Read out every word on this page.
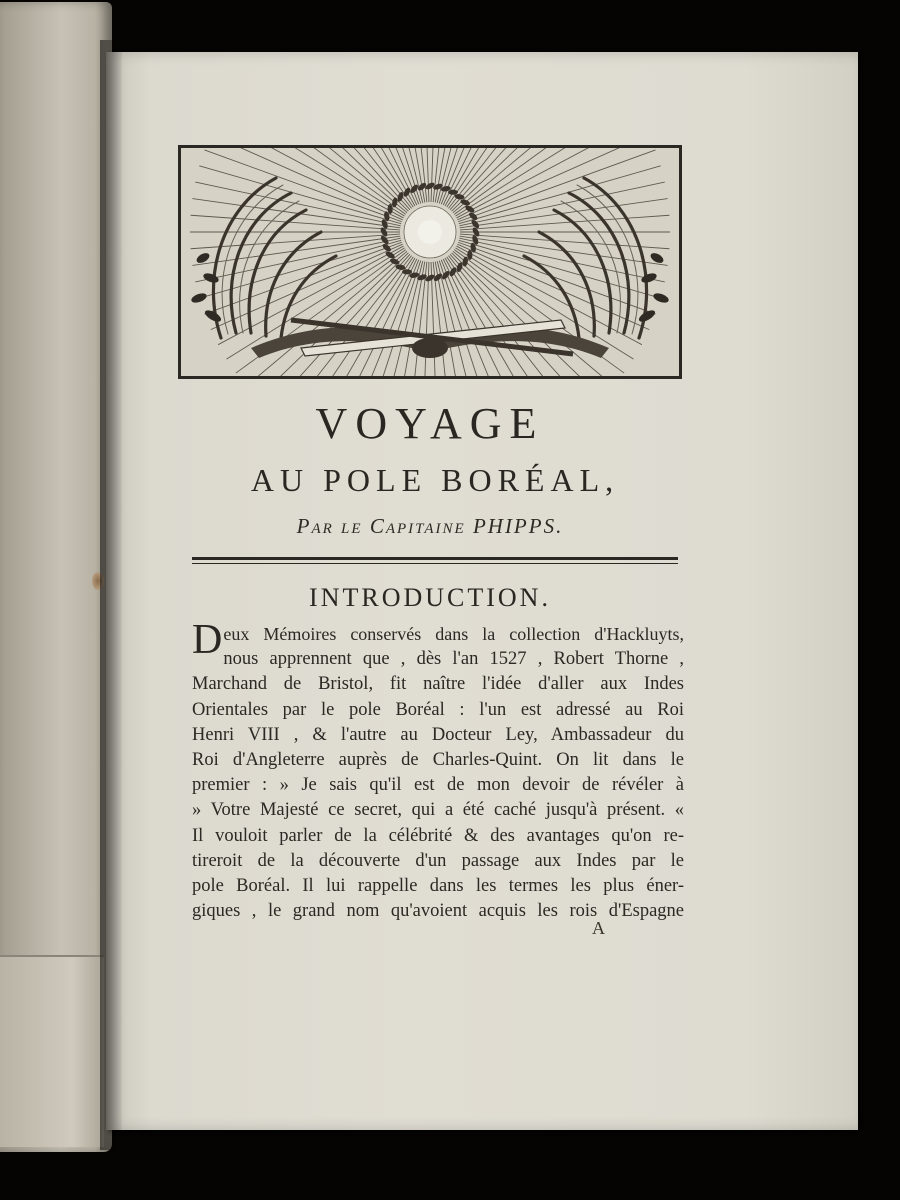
VOYAGE
AU POLE BORÉAL,
Par le Capitaine PHIPPS.
INTRODUCTION.
D eux Mémoires conservés dans la collection d'Hackluyts,
nous apprennent que , dès l'an 1527 , Robert Thorne ,
Marchand de Bristol, fit naître l'idée d'aller aux Indes
Orientales par le pole Boréal : l'un est adressé au Roi
Henri VIII , & l'autre au Docteur Ley, Ambassadeur du
Roi d'Angleterre auprès de Charles-Quint. On lit dans le
premier : » Je sais qu'il est de mon devoir de révéler à
» Votre Majesté ce secret, qui a été caché jusqu'à présent. «
Il vouloit parler de la célébrité & des avantages qu'on re-
tireroit de la découverte d'un passage aux Indes par le
pole Boréal. Il lui rappelle dans les termes les plus éner-
giques , le grand nom qu'avoient acquis les rois d'Espagne
A
